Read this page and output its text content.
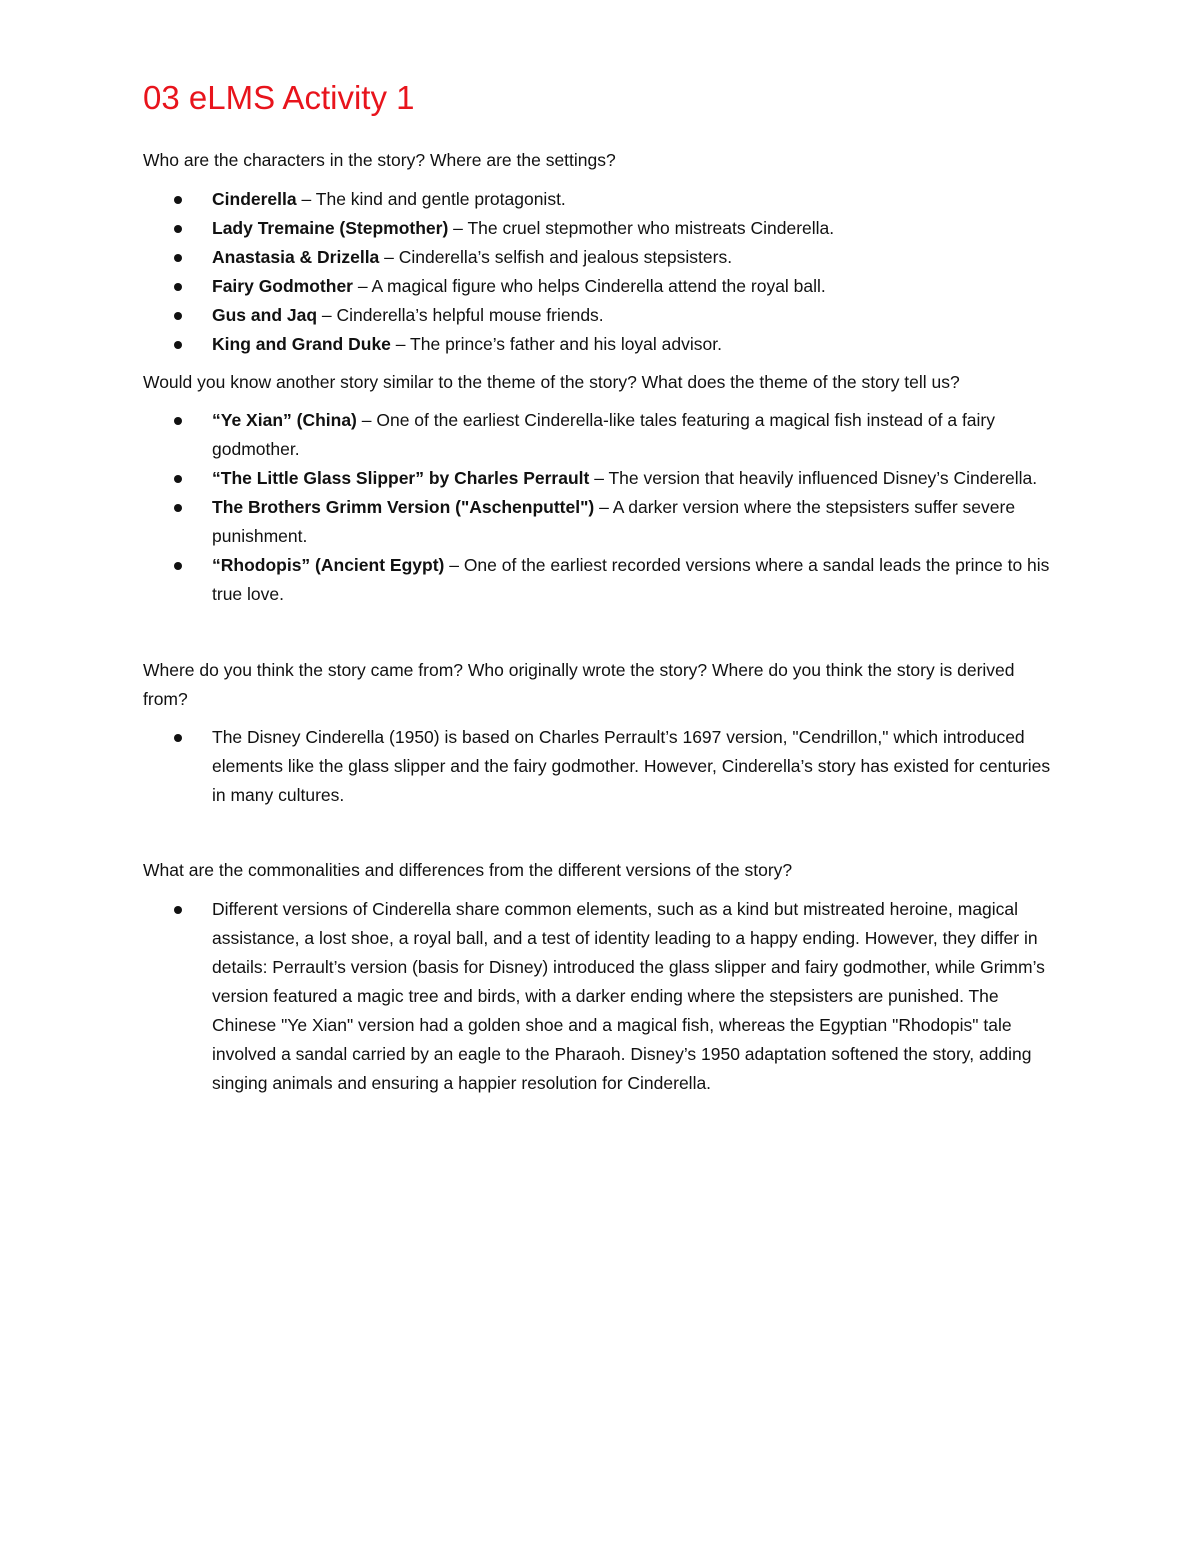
03 eLMS Activity 1

Who are the characters in the story? Where are the settings?

Cinderella – The kind and gentle protagonist.
Lady Tremaine (Stepmother) – The cruel stepmother who mistreats Cinderella.
Anastasia & Drizella – Cinderella’s selfish and jealous stepsisters.
Fairy Godmother – A magical figure who helps Cinderella attend the royal ball.
Gus and Jaq – Cinderella’s helpful mouse friends.
King and Grand Duke – The prince’s father and his loyal advisor.

Would you know another story similar to the theme of the story? What does the theme of the story tell us?

“Ye Xian” (China) – One of the earliest Cinderella-like tales featuring a magical fish instead of a fairy godmother.
“The Little Glass Slipper” by Charles Perrault – The version that heavily influenced Disney’s Cinderella.
The Brothers Grimm Version ("Aschenputtel") – A darker version where the stepsisters suffer severe punishment.
“Rhodopis” (Ancient Egypt) – One of the earliest recorded versions where a sandal leads the prince to his true love.

Where do you think the story came from? Who originally wrote the story? Where do you think the story is derived from?

The Disney Cinderella (1950) is based on Charles Perrault’s 1697 version, "Cendrillon," which introduced elements like the glass slipper and the fairy godmother. However, Cinderella’s story has existed for centuries in many cultures.

What are the commonalities and differences from the different versions of the story?

Different versions of Cinderella share common elements, such as a kind but mistreated heroine, magical assistance, a lost shoe, a royal ball, and a test of identity leading to a happy ending. However, they differ in details: Perrault’s version (basis for Disney) introduced the glass slipper and fairy godmother, while Grimm’s version featured a magic tree and birds, with a darker ending where the stepsisters are punished. The Chinese "Ye Xian" version had a golden shoe and a magical fish, whereas the Egyptian "Rhodopis" tale involved a sandal carried by an eagle to the Pharaoh. Disney’s 1950 adaptation softened the story, adding singing animals and ensuring a happier resolution for Cinderella.
